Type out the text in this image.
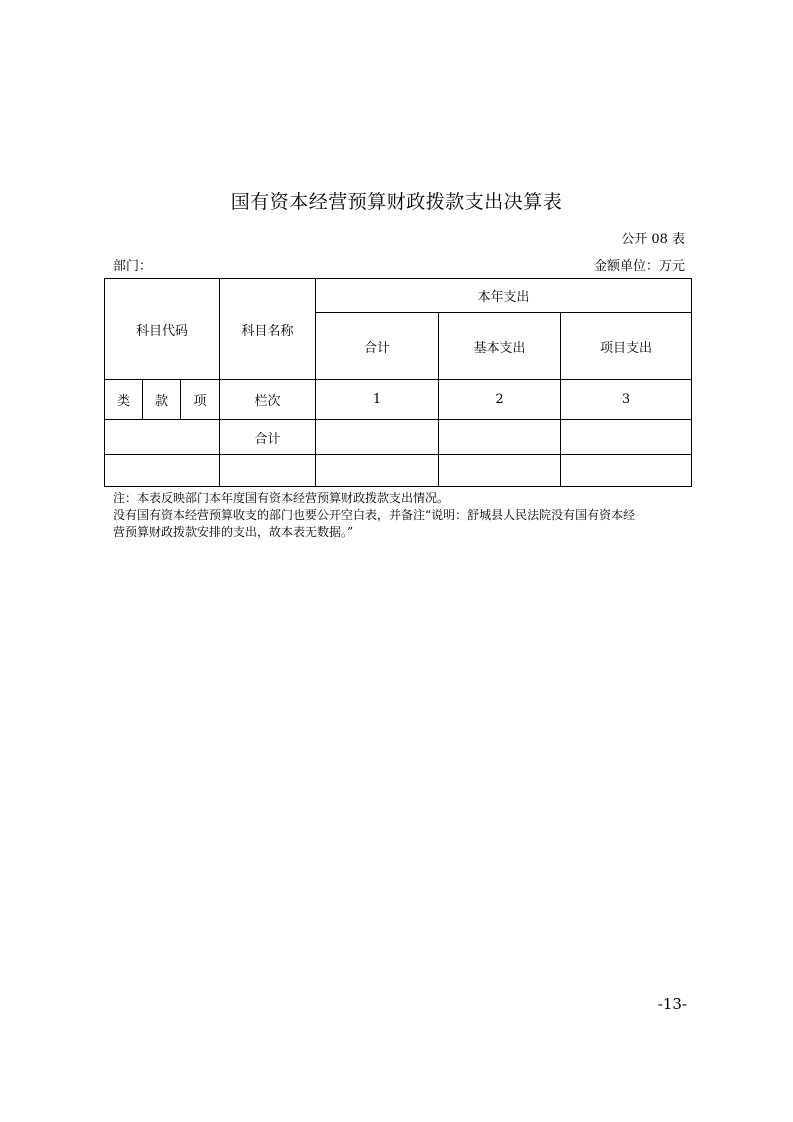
国有资本经营预算财政拨款支出决算表
公开 08 表
部门：	金额单位：万元
科目代码			科目名称	本年支出		
				合计	基本支出	项目支出
类	款	项	栏次	1	2	3
			合计			

注：本表反映部门本年度国有资本经营预算财政拨款支出情况。
没有国有资本经营预算收支的部门也要公开空白表，并备注“说明：舒城县人民法院没有国有资本经
营预算财政拨款安排的支出，故本表无数据。”
-13-
